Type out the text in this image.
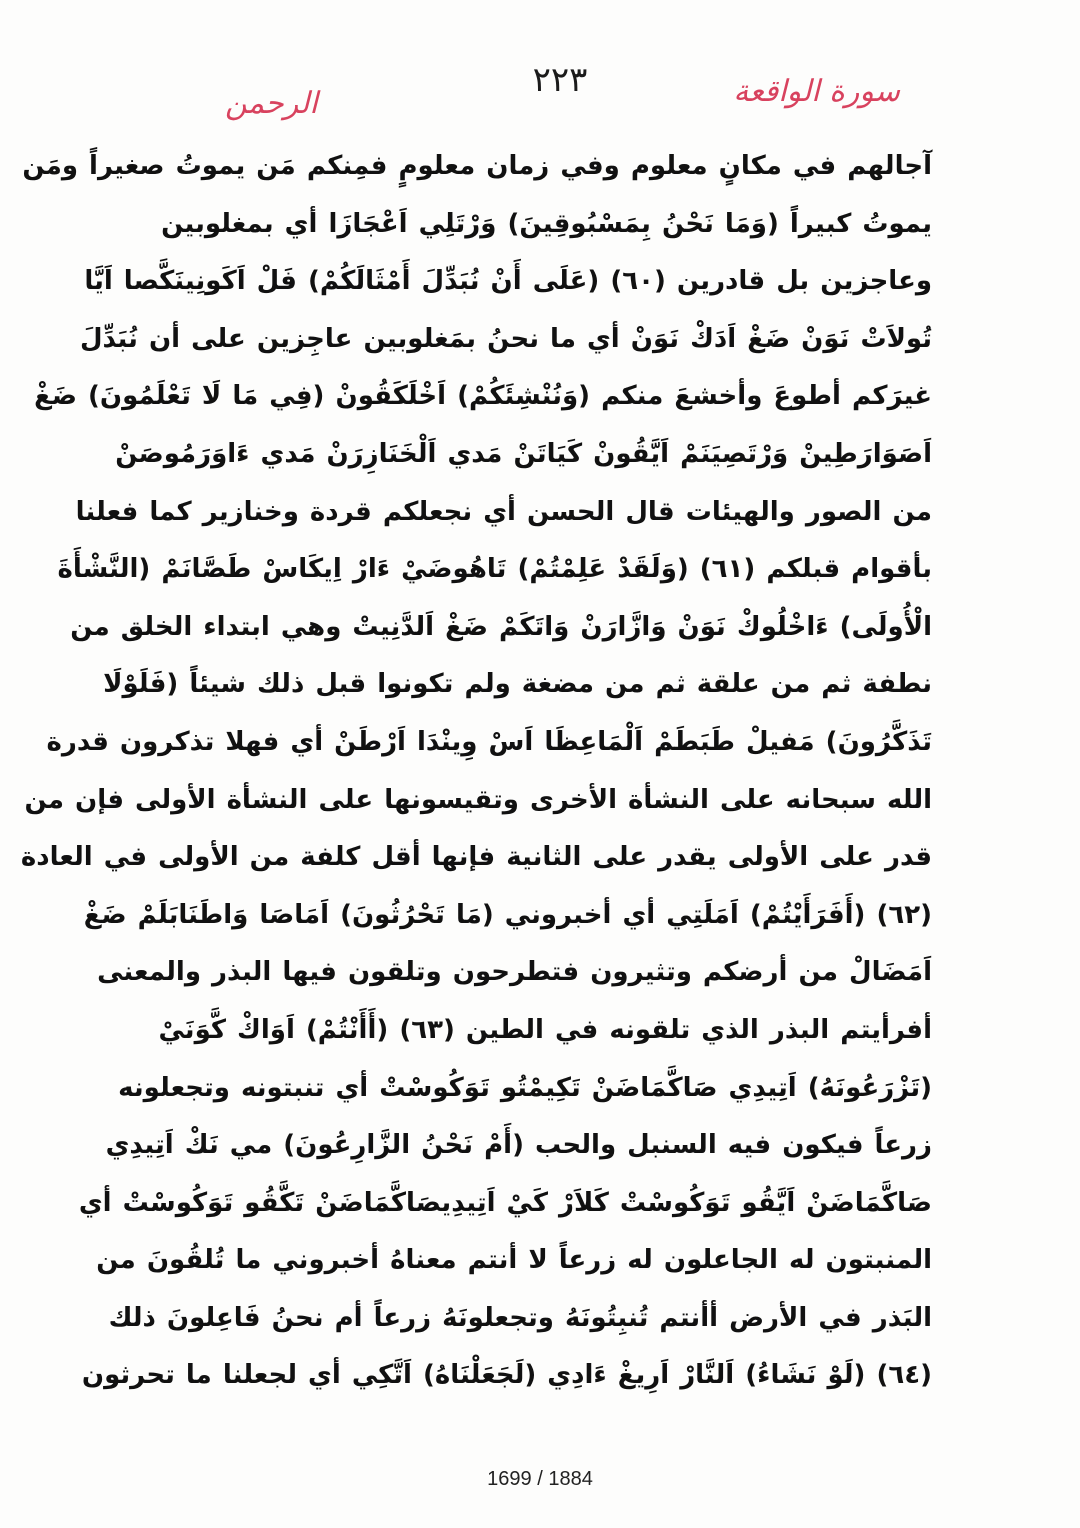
٢٢٣	سورة الواقعة
الرحمن
آجالهم في مكانٍ معلوم وفي زمان معلومٍ فمِنكم مَن يموتُ صغيراً ومَن
يموتُ كبيراً (وَمَا نَحْنُ بِمَسْبُوقِينَ) وَرْتَلِي اَعْجَازَا أي بمغلوبين
وعاجزين بل قادرين (٦٠) (عَلَى أَنْ نُبَدِّلَ أَمْثَالَكُمْ) فَلْ اَكَونِينَكَّصا اَيَّا
تُولاَتْ نَوَنْ ضَغْ اَدَكْ نَوَنْ أي ما نحنُ بمَغلوبين عاجِزين على أن نُبَدِّلَ
غيرَكم أطوعَ وأخشعَ منكم (وَنُنْشِئَكُمْ) اَخْلَكَقُونْ (فِي مَا لَا تَعْلَمُونَ) ضَغْ
اَصَوَارَطِينْ وَرْتَصِيَنَمْ اَيَّقُونْ كَيَاتَنْ مَدي اَلْخَنَازِرَنْ مَدي ءَاوَرَمُوصَنْ
من الصور والهيئات قال الحسن أي نجعلكم قردة وخنازير كما فعلنا
بأقوام قبلكم (٦١) (وَلَقَدْ عَلِمْتُمْ) تَاهُوضَيْ ءَارْ اِيكَاسْ طَصَّانَمْ (النَّشْأَةَ
الْأُولَى) ءَاخْلُوكْ نَوَنْ وَازَّارَنْ وَاتَكَمْ ضَغْ اَلدَّنِيتْ وهي ابتداء الخلق من
نطفة ثم من علقة ثم من مضغة ولم تكونوا قبل ذلك شيئاً (فَلَوْلَا
تَذَكَّرُونَ) مَفيلْ طَبَطَمْ اَلْمَاعِظَا اَسْ وِينْدَا اَرْطَنْ أي فهلا تذكرون قدرة
الله سبحانه على النشأة الأخرى وتقيسونها على النشأة الأولى فإن من
قدر على الأولى يقدر على الثانية فإنها أقل كلفة من الأولى في العادة
(٦٢) (أَفَرَأَيْتُمْ) اَمَلَتِي أي أخبروني (مَا تَحْرُثُونَ) اَمَاصَا وَاطَنَابَلَمْ ضَغْ
اَمَضَالْ من أرضكم وتثيرون فتطرحون وتلقون فيها البذر والمعنى
أفرأيتم البذر الذي تلقونه في الطين (٦٣) (أَأَنْتُمْ) اَوَاكْ كَّوَنَيْ
(تَزْرَعُونَهُ) اَتِيدِي صَاكَّمَاضَنْ تَكِيمْتُو تَوَكُوسْتْ أي تنبتونه وتجعلونه
زرعاً فيكون فيه السنبل والحب (أَمْ نَحْنُ الزَّارِعُونَ) مي نَكْ اَتِيدِي
صَاكَّمَاضَنْ اَيَّقُو تَوَكُوسْتْ كَلاَرْ كَيْ اَتِيدِيصَاكَّمَاضَنْ تَكَّقُو تَوَكُوسْتْ أي
المنبتون له الجاعلون له زرعاً لا أنتم معناهُ أخبروني ما تُلقُونَ من
البَذر في الأرض أأنتم تُنبِتُونَهُ وتجعلونَهُ زرعاً أم نحنُ فَاعِلونَ ذلك
(٦٤) (لَوْ نَشَاءُ) اَلنَّارْ اَرِيغْ ءَادِي (لَجَعَلْنَاهُ) اَتَّكِي أي لجعلنا ما تحرثون
1699 / 1884
